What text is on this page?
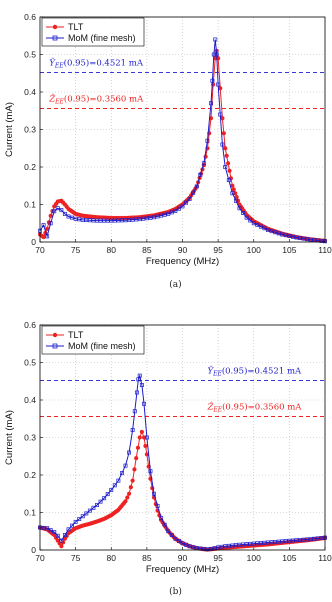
70	75	80	85	90	95	100	105	110
0
0.1
0.2
0.3
0.4
0.5
0.6
$Ŷ_{EE}(0.95)=0.4521$ mA
Ẑ$_{EE}$(0.95)=0.3560 mA
Frequency (MHz)
Current (mA)
TLT
MoM (fine mesh)
(a)
70	75	80	85	90	95	100	105	110
0
0.1
0.2
0.3
0.4
0.5
0.6
$Ŷ_{EE}(0.95)=0.4521$ mA
Ẑ$_{EE}$(0.95)=0.3560 mA
Frequency (MHz)
Current (mA)
TLT
MoM (fine mesh)
(b)
